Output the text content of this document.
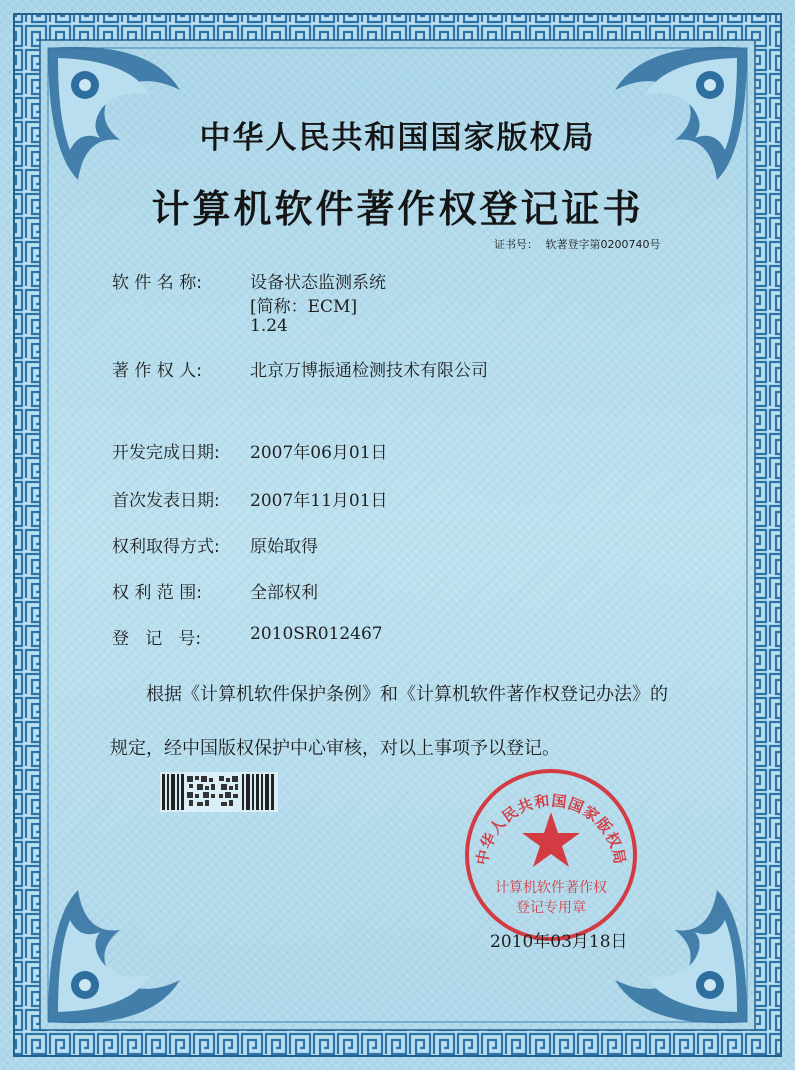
中华人民共和国国家版权局
计算机软件著作权登记证书
证书号： 软著登字第0200740号
软 件 名 称:	设备状态监测系统
[简称：ECM]
1.24
著 作 权 人:	北京万博振通检测技术有限公司
开发完成日期: 2007年06月01日
首次发表日期: 2007年11月01日
权利取得方式: 原始取得
权 利 范 围:	全部权利
登   记   号:	2010SR012467
根据《计算机软件保护条例》和《计算机软件著作权登记办法》的
规定，经中国版权保护中心审核，对以上事项予以登记。
中华人民共和国国家版权局
计算机软件著作权
登记专用章
2010年03月18日
